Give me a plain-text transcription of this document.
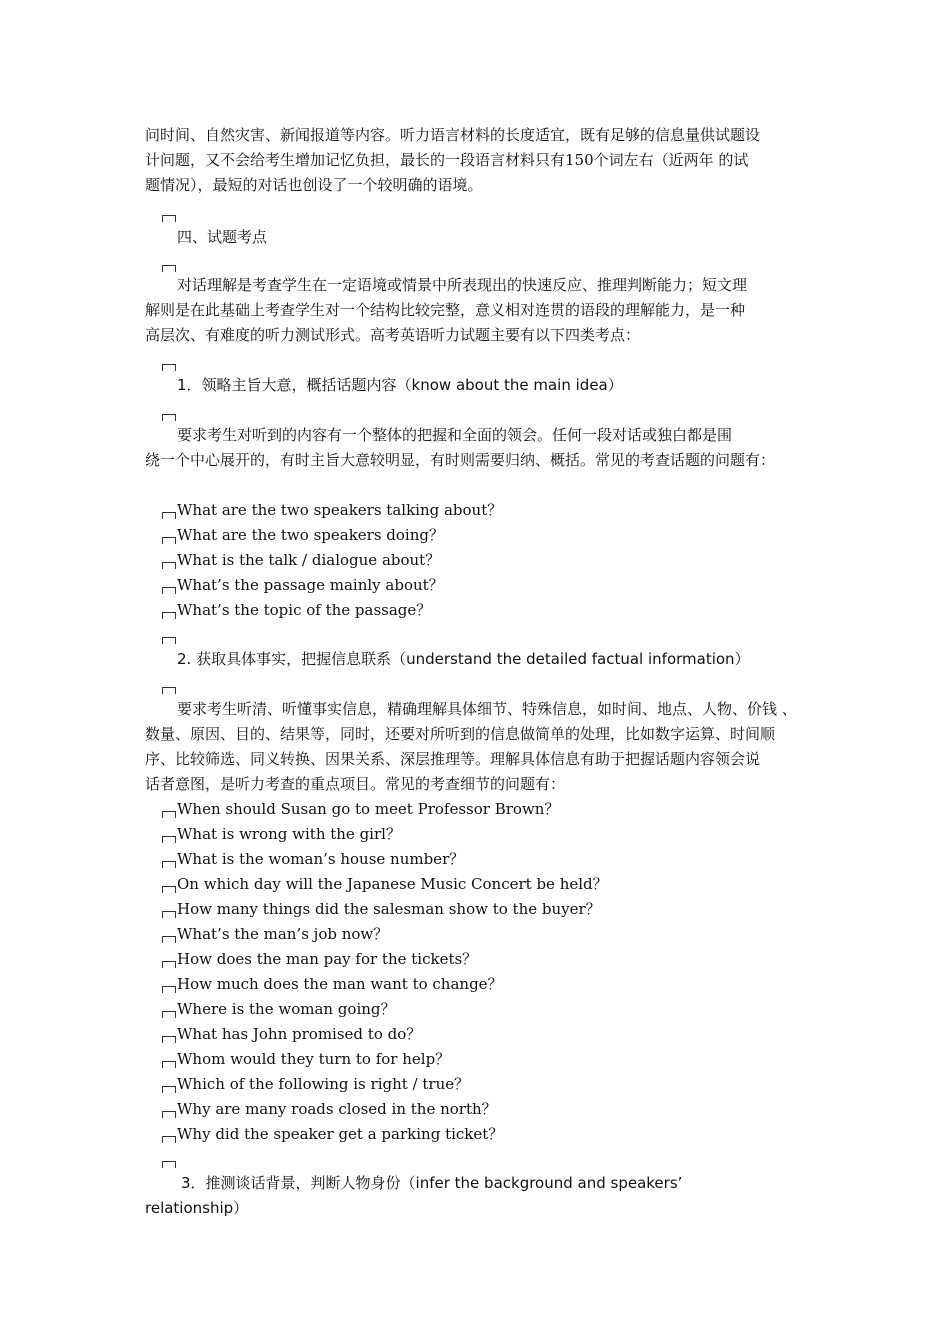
问时间、自然灾害、新闻报道等内容。听力语言材料的长度适宜，既有足够的信息量供试题设
计问题，又不会给考生增加记忆负担，最长的一段语言材料只有150个词左右（近两年 的试
题情况），最短的对话也创设了一个较明确的语境。
四、试题考点
对话理解是考查学生在一定语境或情景中所表现出的快速反应、推理判断能力；短文理
解则是在此基础上考查学生对一个结构比较完整，意义相对连贯的语段的理解能力，是一种
高层次、有难度的听力测试形式。高考英语听力试题主要有以下四类考点：
1．领略主旨大意，概括话题内容（know about the main idea）
要求考生对听到的内容有一个整体的把握和全面的领会。任何一段对话或独白都是围
绕一个中心展开的，有时主旨大意较明显，有时则需要归纳、概括。常见的考查话题的问题有：
What are the two speakers talking about？
What are the two speakers doing？
What is the talk / dialogue about？
What’s the passage mainly about？
What’s the topic of the passage？
2. 获取具体事实，把握信息联系（understand the detailed factual information）
要求考生听清、听懂事实信息，精确理解具体细节、特殊信息，如时间、地点、人物、价钱 、
数量、原因、目的、结果等，同时，还要对所听到的信息做简单的处理，比如数字运算、时间顺
序、比较筛选、同义转换、因果关系、深层推理等。理解具体信息有助于把握话题内容领会说
话者意图，是听力考查的重点项目。常见的考查细节的问题有：
When should Susan go to meet Professor Brown？
What is wrong with the girl？
What is the woman’s house number？
On which day will the Japanese Music Concert be held？
How many things did the salesman show to the buyer？
What’s the man’s job now？
How does the man pay for the tickets？
How much does the man want to change？
Where is the woman going？
What has John promised to do？
Whom would they turn to for help？
Which of the following is right / true？
Why are many roads closed in the north？
Why did the speaker get a parking ticket？
3．推测谈话背景，判断人物身份（infer the background and speakers’
relationship）
